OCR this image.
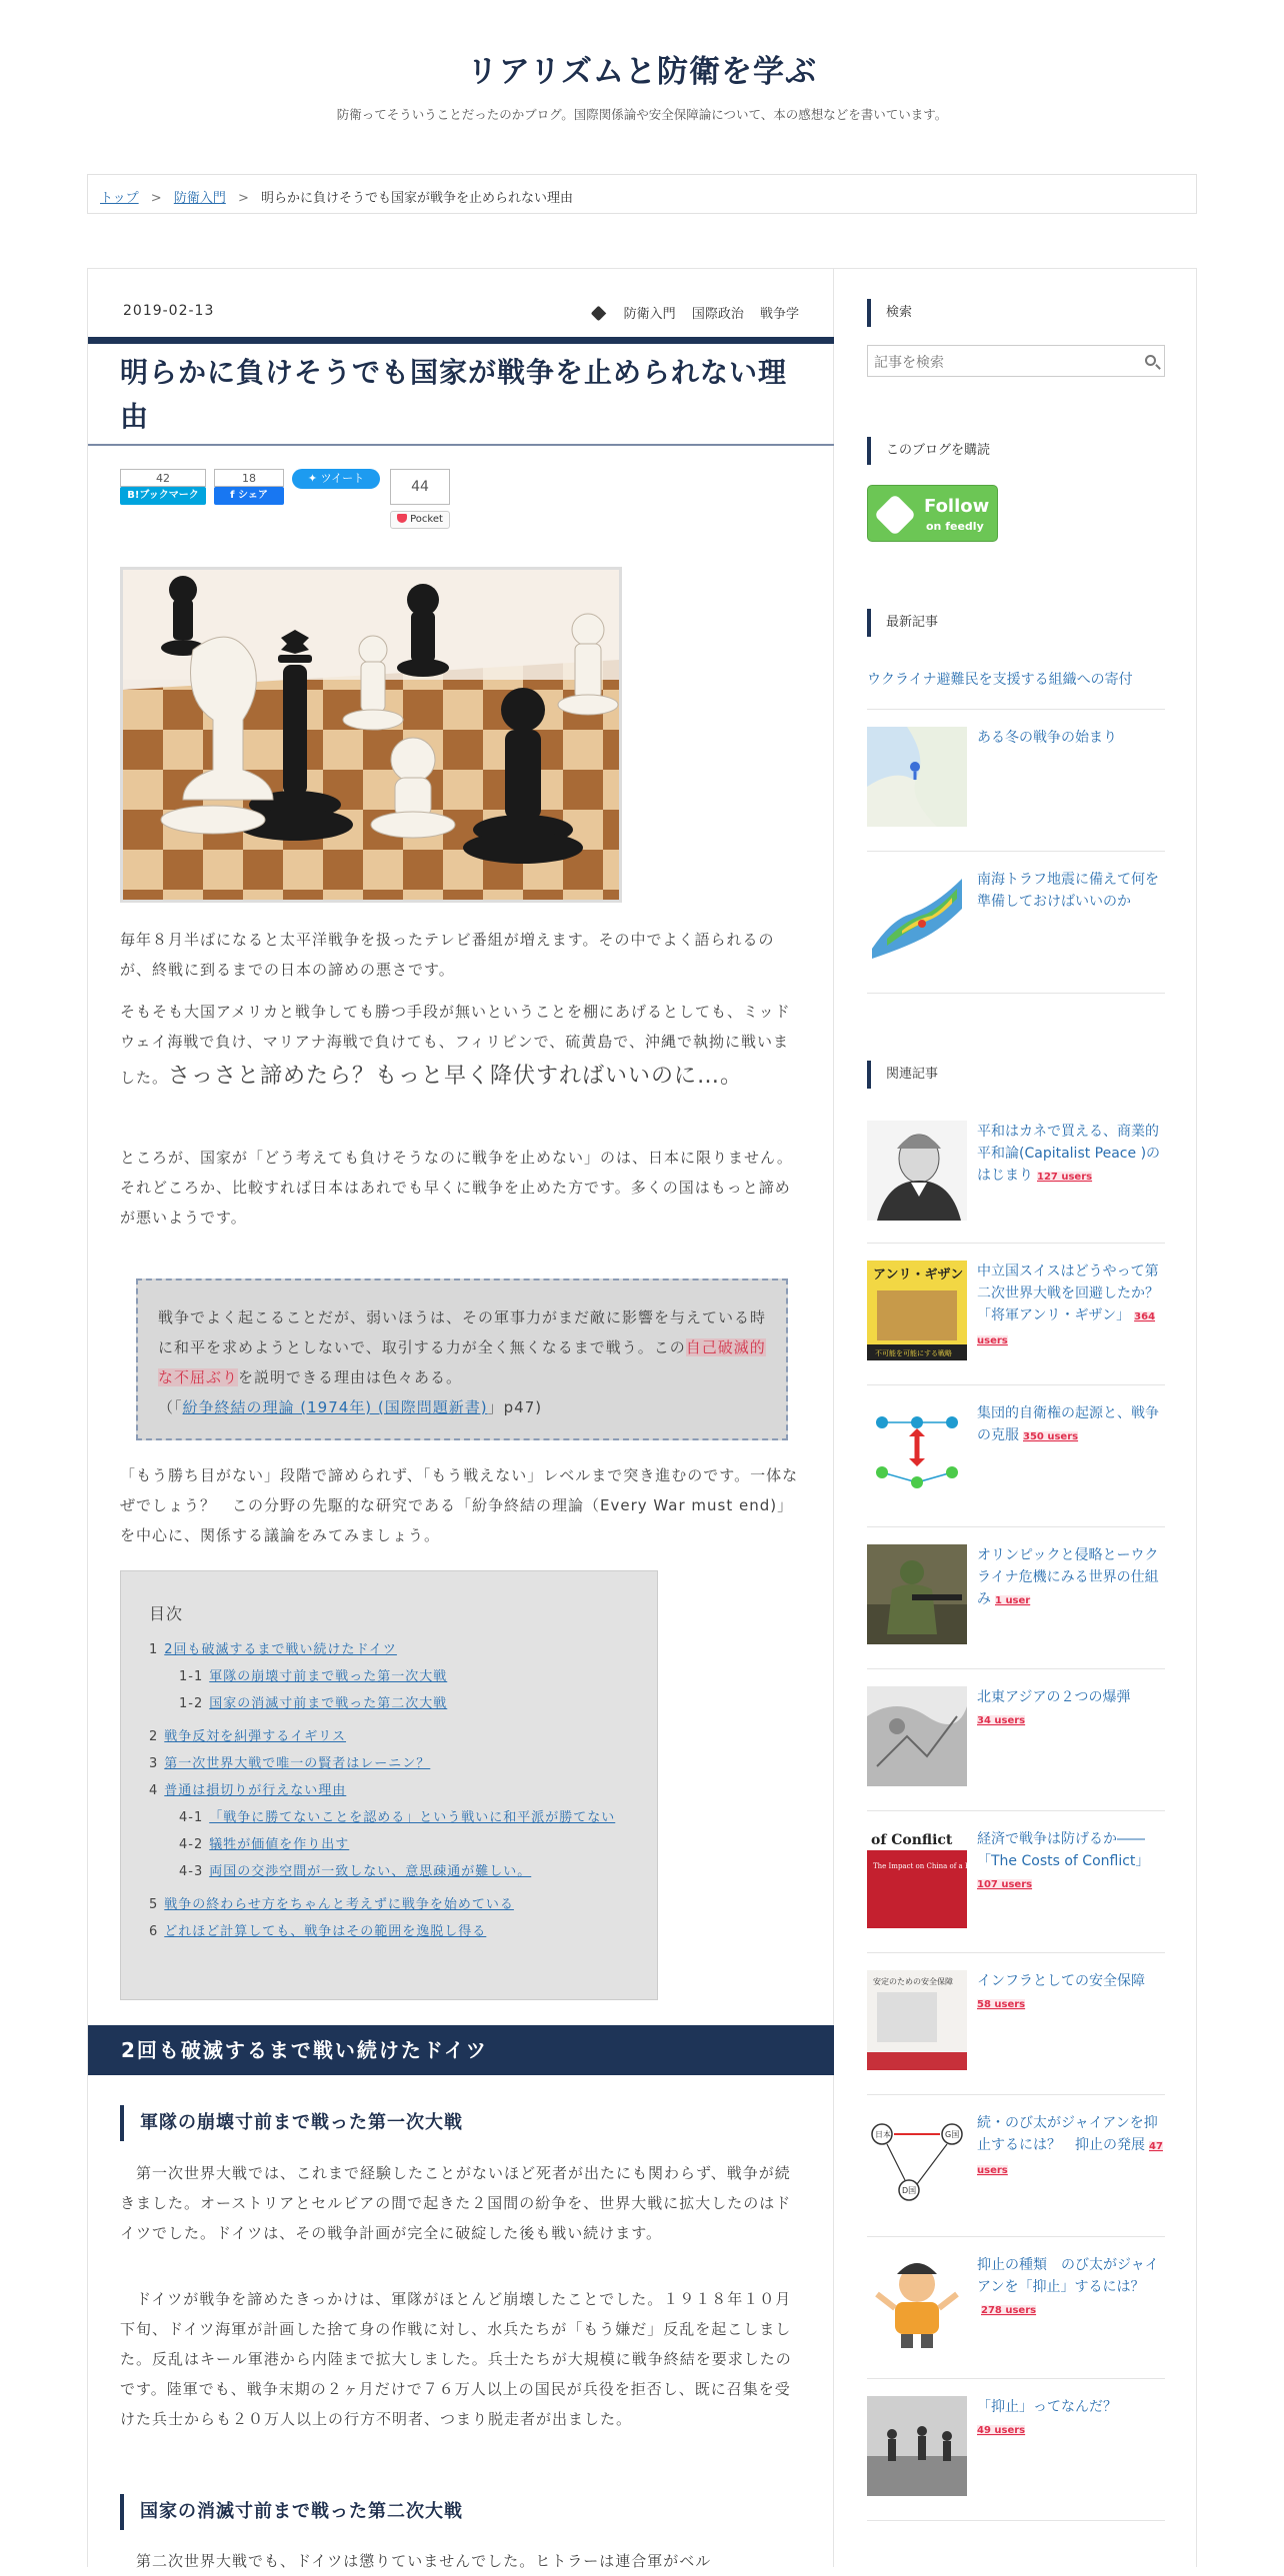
リアリズムと防衛を学ぶ
防衛ってそういうことだったのかブログ。国際関係論や安全保障論について、本の感想などを書いています。
トップ > 防衛入門 > 明らかに負けそうでも国家が戦争を止められない理由
2019-02-13	防衛入門 国際政治 戦争学
明らかに負けそうでも国家が戦争を止められない理由
42
B!ブックマーク
18
f シェア
✦ ツイート
44
Pocket

毎年８月半ばになると太平洋戦争を扱ったテレビ番組が増えます。その中でよく語られるのが、終戦に到るまでの日本の諦めの悪さです。

そもそも大国アメリカと戦争しても勝つ手段が無いということを棚にあげるとしても、ミッドウェイ海戦で負け、マリアナ海戦で負けても、フィリピンで、硫黄島で、沖縄で執拗に戦いました。さっさと諦めたら？もっと早く降伏すればいいのに…。

ところが、国家が「どう考えても負けそうなのに戦争を止めない」のは、日本に限りません。それどころか、比較すれば日本はあれでも早くに戦争を止めた方です。多くの国はもっと諦めが悪いようです。

戦争でよく起こることだが、弱いほうは、その軍事力がまだ敵に影響を与えている時に和平を求めようとしないで、取引する力が全く無くなるまで戦う。この自己破滅的な不屈ぶりを説明できる理由は色々ある。
（「紛争終結の理論 (1974年) (国際問題新書)」p47)

「もう勝ち目がない」段階で諦められず、「もう戦えない」レベルまで突き進むのです。一体なぜでしょう？　この分野の先駆的な研究である「紛争終結の理論（Every War must end)」を中心に、関係する議論をみてみましょう。

目次
1 2回も破滅するまで戦い続けたドイツ
1-1 軍隊の崩壊寸前まで戦った第一次大戦
1-2 国家の消滅寸前まで戦った第二次大戦
2 戦争反対を糾弾するイギリス
3 第一次世界大戦で唯一の賢者はレーニン？
4 普通は損切りが行えない理由
4-1 「戦争に勝てないことを認める」という戦いに和平派が勝てない
4-2 犠牲が価値を作り出す
4-3 両国の交渉空間が一致しない、意思疎通が難しい。
5 戦争の終わらせ方をちゃんと考えずに戦争を始めている
6 どれほど計算しても、戦争はその範囲を逸脱し得る
2回も破滅するまで戦い続けたドイツ
軍隊の崩壊寸前まで戦った第一次大戦

　第一次世界大戦では、これまで経験したことがないほど死者が出たにも関わらず、戦争が続きました。オーストリアとセルビアの間で起きた２国間の紛争を、世界大戦に拡大したのはドイツでした。ドイツは、その戦争計画が完全に破綻した後も戦い続けます。

　ドイツが戦争を諦めたきっかけは、軍隊がほとんど崩壊したことでした。１９１８年１０月下旬、ドイツ海軍が計画した捨て身の作戦に対し、水兵たちが「もう嫌だ」反乱を起こしました。反乱はキール軍港から内陸まで拡大しました。兵士たちが大規模に戦争終結を要求したのです。陸軍でも、戦争末期の２ヶ月だけで７６万人以上の国民が兵役を拒否し、既に召集を受けた兵士からも２０万人以上の行方不明者、つまり脱走者が出ました。

国家の消滅寸前まで戦った第二次大戦

　第二次世界大戦でも、ドイツは懲りていませんでした。ヒトラーは連合軍がベル

検索
記事を検索
このブログを購読
Follow
on feedly
最新記事
ウクライナ避難民を支援する組織への寄付
ある冬の戦争の始まり
南海トラフ地震に備えて何を準備しておけばいいのか
関連記事
平和はカネで買える、商業的平和論(Capitalist Peace )のはじまり 127 users
アンリ・ギザン
不可能を可能にする戦略
中立国スイスはどうやって第二次世界大戦を回避したか？「将軍アンリ・ギザン」 364 users
集団的自衛権の起源と、戦争の克服 350 users
オリンピックと侵略とーウクライナ危機にみる世界の仕組み 1 user
北東アジアの２つの爆弾
34 users
of Conflict
The Impact on China of a Future War
経済で戦争は防げるか――「The Costs of Conflict」
107 users
安定のための安全保障 インフラとしての安全保障
58 users
日本	G国
D国
続・のび太がジャイアンを抑止するには？　抑止の発展 47 users
抑止の種類　のび太がジャイアンを「抑止」するには？278 users
「抑止」ってなんだ？
49 users
